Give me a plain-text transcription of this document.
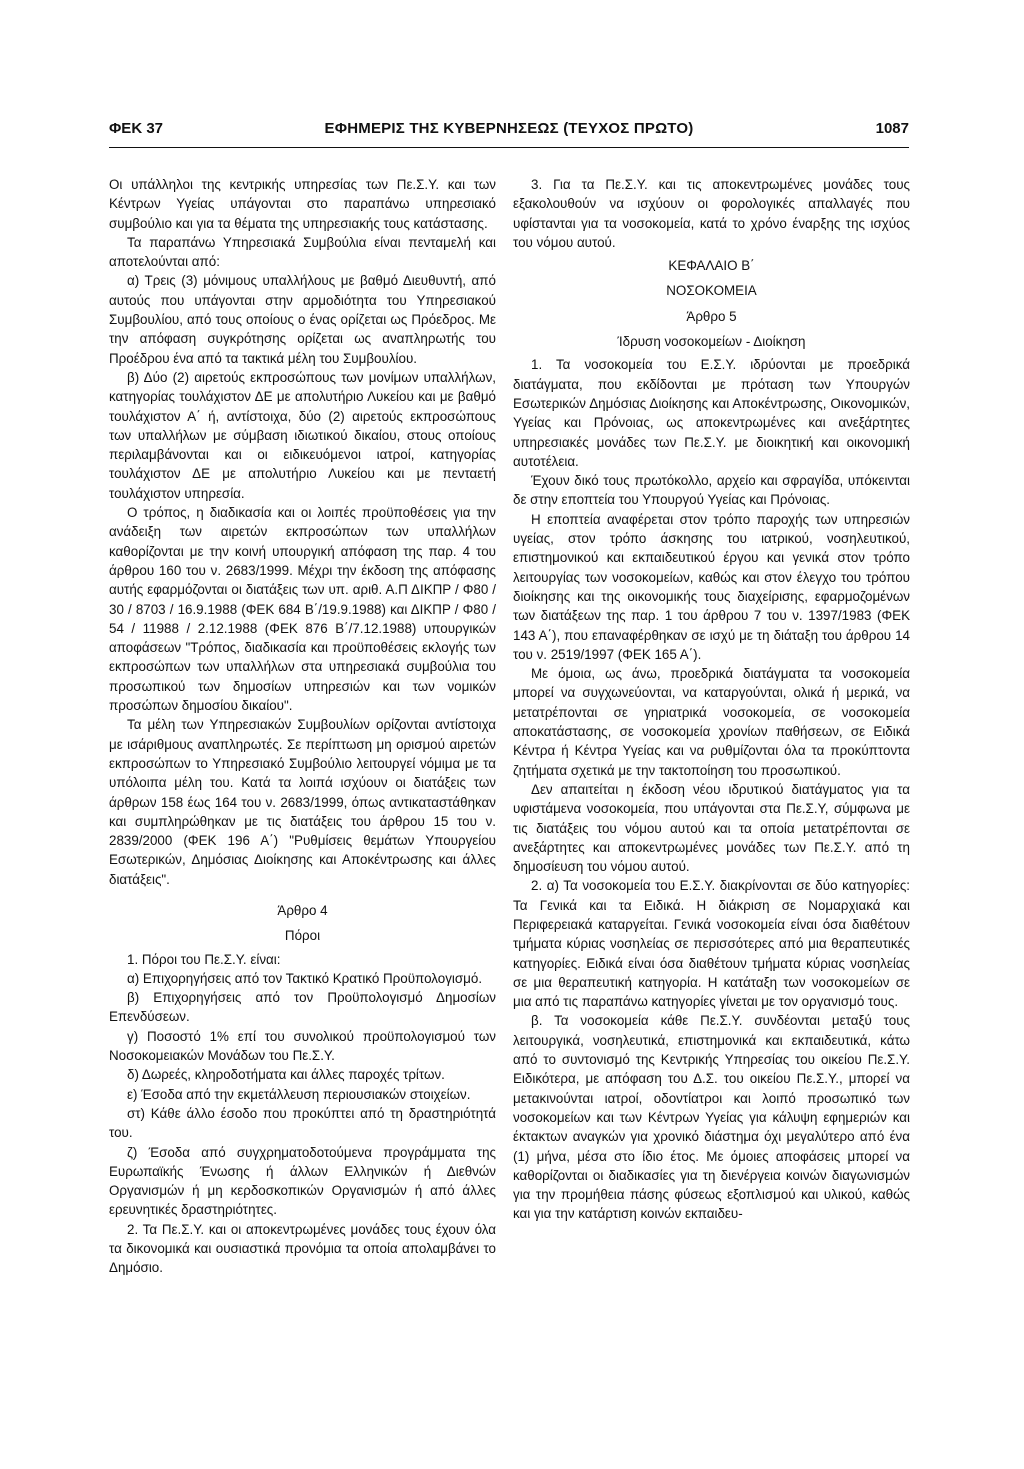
ΦΕΚ 37	ΕΦΗΜΕΡΙΣ ΤΗΣ ΚΥΒΕΡΝΗΣΕΩΣ (ΤΕΥΧΟΣ ΠΡΩΤΟ)	1087

Οι υπάλληλοι της κεντρικής υπηρεσίας των Πε.Σ.Υ. και των Κέντρων Υγείας υπάγονται στο παραπάνω υπηρεσιακό συμβούλιο και για τα θέματα της υπηρεσιακής τους κατάστασης.

Τα παραπάνω Υπηρεσιακά Συμβούλια είναι πενταμελή και αποτελούνται από:

α) Τρεις (3) μόνιμους υπαλλήλους με βαθμό Διευθυντή, από αυτούς που υπάγονται στην αρμοδιότητα του Υπηρεσιακού Συμβουλίου, από τους οποίους ο ένας ορίζεται ως Πρόεδρος. Με την απόφαση συγκρότησης ορίζεται ως αναπληρωτής του Προέδρου ένα από τα τακτικά μέλη του Συμβουλίου.

β) Δύο (2) αιρετούς εκπροσώπους των μονίμων υπαλλήλων, κατηγορίας τουλάχιστον ΔΕ με απολυτήριο Λυκείου και με βαθμό τουλάχιστον Α΄ ή, αντίστοιχα, δύο (2) αιρετούς εκπροσώπους των υπαλλήλων με σύμβαση ιδιωτικού δικαίου, στους οποίους περιλαμβάνονται και οι ειδικευόμενοι ιατροί, κατηγορίας τουλάχιστον ΔΕ με απολυτήριο Λυκείου και με πενταετή τουλάχιστον υπηρεσία.

Ο τρόπος, η διαδικασία και οι λοιπές προϋποθέσεις για την ανάδειξη των αιρετών εκπροσώπων των υπαλλήλων καθορίζονται με την κοινή υπουργική απόφαση της παρ. 4 του άρθρου 160 του ν. 2683/1999. Μέχρι την έκδοση της απόφασης αυτής εφαρμόζονται οι διατάξεις των υπ. αριθ. Α.Π ΔΙΚΠΡ / Φ80 / 30 / 8703 / 16.9.1988 (ΦΕΚ 684 Β΄/19.9.1988) και ΔΙΚΠΡ / Φ80 / 54 / 11988 / 2.12.1988 (ΦΕΚ 876 Β΄/7.12.1988) υπουργικών αποφάσεων "Τρόπος, διαδικασία και προϋποθέσεις εκλογής των εκπροσώπων των υπαλλήλων στα υπηρεσιακά συμβούλια του προσωπικού των δημοσίων υπηρεσιών και των νομικών προσώπων δημοσίου δικαίου".

Τα μέλη των Υπηρεσιακών Συμβουλίων ορίζονται αντίστοιχα με ισάριθμους αναπληρωτές. Σε περίπτωση μη ορισμού αιρετών εκπροσώπων το Υπηρεσιακό Συμβούλιο λειτουργεί νόμιμα με τα υπόλοιπα μέλη του. Κατά τα λοιπά ισχύουν οι διατάξεις των άρθρων 158 έως 164 του ν. 2683/1999, όπως αντικαταστάθηκαν και συμπληρώθηκαν με τις διατάξεις του άρθρου 15 του ν. 2839/2000 (ΦΕΚ 196 Α΄) "Ρυθμίσεις θεμάτων Υπουργείου Εσωτερικών, Δημόσιας Διοίκησης και Αποκέντρωσης και άλλες διατάξεις".

Άρθρο 4

Πόροι

1. Πόροι του Πε.Σ.Υ. είναι:

α) Επιχορηγήσεις από τον Τακτικό Κρατικό Προϋπολογισμό.

β) Επιχορηγήσεις από τον Προϋπολογισμό Δημοσίων Επενδύσεων.

γ) Ποσοστό 1% επί του συνολικού προϋπολογισμού των Νοσοκομειακών Μονάδων του Πε.Σ.Υ.

δ) Δωρεές, κληροδοτήματα και άλλες παροχές τρίτων.

ε) Έσοδα από την εκμετάλλευση περιουσιακών στοιχείων.

στ) Κάθε άλλο έσοδο που προκύπτει από τη δραστηριότητά του.

ζ) Έσοδα από συγχρηματοδοτούμενα προγράμματα της Ευρωπαϊκής Ένωσης ή άλλων Ελληνικών ή Διεθνών Οργανισμών ή μη κερδοσκοπικών Οργανισμών ή από άλλες ερευνητικές δραστηριότητες.

2. Τα Πε.Σ.Υ. και οι αποκεντρωμένες μονάδες τους έχουν όλα τα δικονομικά και ουσιαστικά προνόμια τα οποία απολαμβάνει το Δημόσιο.

3. Για τα Πε.Σ.Υ. και τις αποκεντρωμένες μονάδες τους εξακολουθούν να ισχύουν οι φορολογικές απαλλαγές που υφίστανται για τα νοσοκομεία, κατά το χρόνο έναρξης της ισχύος του νόμου αυτού.

ΚΕΦΑΛΑΙΟ Β΄

ΝΟΣΟΚΟΜΕΙΑ

Άρθρο 5

Ίδρυση νοσοκομείων - Διοίκηση

1. Τα νοσοκομεία του Ε.Σ.Υ. ιδρύονται με προεδρικά διατάγματα, που εκδίδονται με πρόταση των Υπουργών Εσωτερικών Δημόσιας Διοίκησης και Αποκέντρωσης, Οικονομικών, Υγείας και Πρόνοιας, ως αποκεντρωμένες και ανεξάρτητες υπηρεσιακές μονάδες των Πε.Σ.Υ. με διοικητική και οικονομική αυτοτέλεια.

Έχουν δικό τους πρωτόκολλο, αρχείο και σφραγίδα, υπόκεινται δε στην εποπτεία του Υπουργού Υγείας και Πρόνοιας.

Η εποπτεία αναφέρεται στον τρόπο παροχής των υπηρεσιών υγείας, στον τρόπο άσκησης του ιατρικού, νοσηλευτικού, επιστημονικού και εκπαιδευτικού έργου και γενικά στον τρόπο λειτουργίας των νοσοκομείων, καθώς και στον έλεγχο του τρόπου διοίκησης και της οικονομικής τους διαχείρισης, εφαρμοζομένων των διατάξεων της παρ. 1 του άρθρου 7 του ν. 1397/1983 (ΦΕΚ 143 Α΄), που επαναφέρθηκαν σε ισχύ με τη διάταξη του άρθρου 14 του ν. 2519/1997 (ΦΕΚ 165 Α΄).

Με όμοια, ως άνω, προεδρικά διατάγματα τα νοσοκομεία μπορεί να συγχωνεύονται, να καταργούνται, ολικά ή μερικά, να μετατρέπονται σε γηριατρικά νοσοκομεία, σε νοσοκομεία αποκατάστασης, σε νοσοκομεία χρονίων παθήσεων, σε Ειδικά Κέντρα ή Κέντρα Υγείας και να ρυθμίζονται όλα τα προκύπτοντα ζητήματα σχετικά με την τακτοποίηση του προσωπικού.

Δεν απαιτείται η έκδοση νέου ιδρυτικού διατάγματος για τα υφιστάμενα νοσοκομεία, που υπάγονται στα Πε.Σ.Υ, σύμφωνα με τις διατάξεις του νόμου αυτού και τα οποία μετατρέπονται σε ανεξάρτητες και αποκεντρωμένες μονάδες των Πε.Σ.Υ. από τη δημοσίευση του νόμου αυτού.

2. α) Τα νοσοκομεία του Ε.Σ.Υ. διακρίνονται σε δύο κατηγορίες: Τα Γενικά και τα Ειδικά. Η διάκριση σε Νομαρχιακά και Περιφερειακά καταργείται. Γενικά νοσοκομεία είναι όσα διαθέτουν τμήματα κύριας νοσηλείας σε περισσότερες από μια θεραπευτικές κατηγορίες. Ειδικά είναι όσα διαθέτουν τμήματα κύριας νοσηλείας σε μια θεραπευτική κατηγορία. Η κατάταξη των νοσοκομείων σε μια από τις παραπάνω κατηγορίες γίνεται με τον οργανισμό τους.

β. Τα νοσοκομεία κάθε Πε.Σ.Υ. συνδέονται μεταξύ τους λειτουργικά, νοσηλευτικά, επιστημονικά και εκπαιδευτικά, κάτω από το συντονισμό της Κεντρικής Υπηρεσίας του οικείου Πε.Σ.Υ. Ειδικότερα, με απόφαση του Δ.Σ. του οικείου Πε.Σ.Υ., μπορεί να μετακινούνται ιατροί, οδοντίατροι και λοιπό προσωπικό των νοσοκομείων και των Κέντρων Υγείας για κάλυψη εφημεριών και έκτακτων αναγκών για χρονικό διάστημα όχι μεγαλύτερο από ένα (1) μήνα, μέσα στο ίδιο έτος. Με όμοιες αποφάσεις μπορεί να καθορίζονται οι διαδικασίες για τη διενέργεια κοινών διαγωνισμών για την προμήθεια πάσης φύσεως εξοπλισμού και υλικού, καθώς και για την κατάρτιση κοινών εκπαιδευ-
